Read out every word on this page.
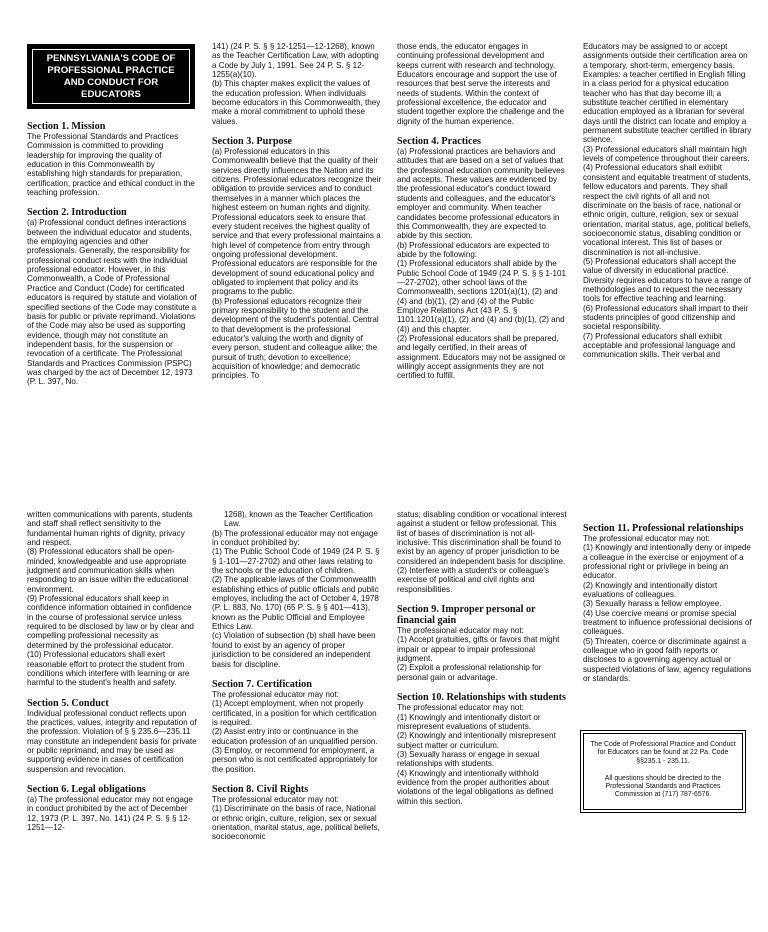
PENNSYLVANIA'S CODE OF
PROFESSIONAL PRACTICE
AND CONDUCT FOR
EDUCATORS

Section 1. Mission

The Professional Standards and Practices Commission is committed to providing leadership for improving the quality of education in this Commonwealth by establishing high standards for preparation, certification, practice and ethical conduct in the teaching profession.

Section 2. Introduction

(a) Professional conduct defines interactions between the individual educator and students, the employing agencies and other professionals. Generally, the responsibility for professional conduct rests with the individual professional educator. However, in this Commonwealth, a Code of Professional Practice and Conduct (Code) for certificated educators is required by statute and violation of specified sections of the Code may constitute a basis for public or private reprimand. Violations of the Code may also be used as supporting evidence, though may not constitute an independent basis, for the suspension or revocation of a certificate. The Professional Standards and Practices Commission (PSPC) was charged by the act of December 12, 1973 (P. L. 397, No.

141) (24 P. S. § § 12-1251—12-1268), known as the Teacher Certification Law, with adopting a Code by July 1, 1991. See 24 P. S. § 12-1255(a)(10).
(b) This chapter makes explicit the values of the education profession. When individuals become educators in this Commonwealth, they make a moral commitment to uphold these values.

Section 3. Purpose

(a) Professional educators in this Commonwealth believe that the quality of their services directly influences the Nation and its citizens. Professional educators recognize their obligation to provide services and to conduct themselves in a manner which places the highest esteem on human rights and dignity. Professional educators seek to ensure that every student receives the highest quality of service and that every professional maintains a high level of competence from entry through ongoing professional development. Professional educators are responsible for the development of sound educational policy and obligated to implement that policy and its programs to the public.
(b) Professional educators recognize their primary responsibility to the student and the development of the student's potential. Central to that development is the professional educator's valuing the worth and dignity of every person, student and colleague alike; the pursuit of truth; devotion to excellence; acquisition of knowledge; and democratic principles. To

those ends, the educator engages in continuing professional development and keeps current with research and technology. Educators encourage and support the use of resources that best serve the interests and needs of students. Within the context of professional excellence, the educator and student together explore the challenge and the dignity of the human experience.

Section 4. Practices

(a) Professional practices are behaviors and attitudes that are based on a set of values that the professional education community believes and accepts. These values are evidenced by the professional educator's conduct toward students and colleagues, and the educator's employer and community. When teacher candidates become professional educators in this Commonwealth, they are expected to abide by this section.
(b) Professional educators are expected to abide by the following:
(1) Professional educators shall abide by the Public School Code of 1949 (24 P. S. § § 1-101—27-2702), other school laws of the Commonwealth, sections 1201(a)(1), (2) and (4) and (b)(1), (2) and (4) of the Public Employe Relations Act (43 P. S. § 1101.1201(a)(1), (2) and (4) and (b)(1), (2) and (4)) and this chapter.
(2) Professional educators shall be prepared, and legally certified, in their areas of assignment. Educators may not be assigned or willingly accept assignments they are not certified to fulfill.

Educators may be assigned to or accept assignments outside their certification area on a temporary, short-term, emergency basis. Examples: a teacher certified in English filling in a class period for a physical education teacher who has that day become ill; a substitute teacher certified in elementary education employed as a librarian for several days until the district can locate and employ a permanent substitute teacher certified in library science.
(3) Professional educators shall maintain high levels of competence throughout their careers.
(4) Professional educators shall exhibit consistent and equitable treatment of students, fellow educators and parents. They shall respect the civil rights of all and not discriminate on the basis of race, national or ethnic origin, culture, religion, sex or sexual orientation, marital status, age, political beliefs, socioeconomic status, disabling condition or vocational interest. This list of bases or discrimination is not all-inclusive.
(5) Professional educators shall accept the value of diversity in educational practice. Diversity requires educators to have a range of methodologies and to request the necessary tools for effective teaching and learning.
(6) Professional educators shall impart to their students principles of good citizenship and societal responsibility.
(7) Professional educators shall exhibit acceptable and professional language and communication skills. Their verbal and

written communications with parents, students and staff shall reflect sensitivity to the fundamental human rights of dignity, privacy and respect.
(8) Professional educators shall be open-minded, knowledgeable and use appropriate judgment and communication skills when responding to an issue within the educational environment.
(9) Professional educators shall keep in confidence information obtained in confidence in the course of professional service unless required to be disclosed by law or by clear and compelling professional necessity as determined by the professional educator.
(10) Professional educators shall exert reasonable effort to protect the student from conditions which interfere with learning or are harmful to the student's health and safety.

Section 5. Conduct

Individual professional conduct reflects upon the practices, values, integrity and reputation of the profession. Violation of § § 235.6—235.11 may constitute an independent basis for private or public reprimand, and may be used as supporting evidence in cases of certification suspension and revocation.

Section 6. Legal obligations

(a) The professional educator may not engage in conduct prohibited by the act of December 12, 1973 (P. L. 397, No. 141) (24 P. S. § § 12-1251—12-

1268), known as the Teacher Certification Law.

(b) The professional educator may not engage in conduct prohibited by:
(1) The Public School Code of 1949 (24 P. S. § § 1-101—27-2702) and other laws relating to the schools or the education of children.
(2) The applicable laws of the Commonwealth establishing ethics of public officials and public employes, including the act of October 4, 1978 (P. L. 883, No. 170) (65 P. S. § § 401—413), known as the Public Official and Employee Ethics Law.
(c) Violation of subsection (b) shall have been found to exist by an agency of proper jurisdiction to be considered an independent basis for discipline.

Section 7. Certification

The professional educator may not:
(1) Accept employment, when not properly certificated, in a position for which certification is required.
(2) Assist entry into or continuance in the education profession of an unqualified person.
(3) Employ, or recommend for employment, a person who is not certificated appropriately for the position.

Section 8. Civil Rights

The professional educator may not:
(1) Discriminate on the basis of race, National or ethnic origin, culture, religion, sex or sexual orientation, marital status, age, political beliefs, socioeconomic

status; disabling condition or vocational interest against a student or fellow professional. This list of bases of discrimination is not all-inclusive. This discrimination shall be found to exist by an agency of proper jurisdiction to be considered an independent basis for discipline.
(2) Interfere with a student's or colleague's exercise of political and civil rights and responsibilities.

Section 9. Improper personal or financial gain

The professional educator may not:
(1) Accept gratuities, gifts or favors that might impair or appear to impair professional judgment.
(2) Exploit a professional relationship for personal gain or advantage.

Section 10. Relationships with students

The professional educator may not:
(1) Knowingly and intentionally distort or misrepresent evaluations of students.
(2) Knowingly and intentionally misrepresent subject matter or curriculum.
(3) Sexually harass or engage in sexual relationships with students.
(4) Knowingly and intentionally withhold evidence from the proper authorities about violations of the legal obligations as defined within this section.

Section 11. Professional relationships

The professional educator may not:
(1) Knowingly and intentionally deny or impede a colleague in the exercise or enjoyment of a professional right or privilege in being an educator.
(2) Knowingly and intentionally distort evaluations of colleagues.
(3) Sexually harass a fellow employee.
(4) Use coercive means or promise special treatment to influence professional decisions of colleagues.
(5) Threaten, coerce or discriminate against a colleague who in good faith reports or discloses to a governing agency actual or suspected violations of law, agency regulations or standards.

The Code of Professional Practice and Conduct for Educators can be found at 22 Pa. Code §§235.1 - 235.11.

All questions should be directed to the Professional Standards and Practices Commission at (717) 787-6576.
